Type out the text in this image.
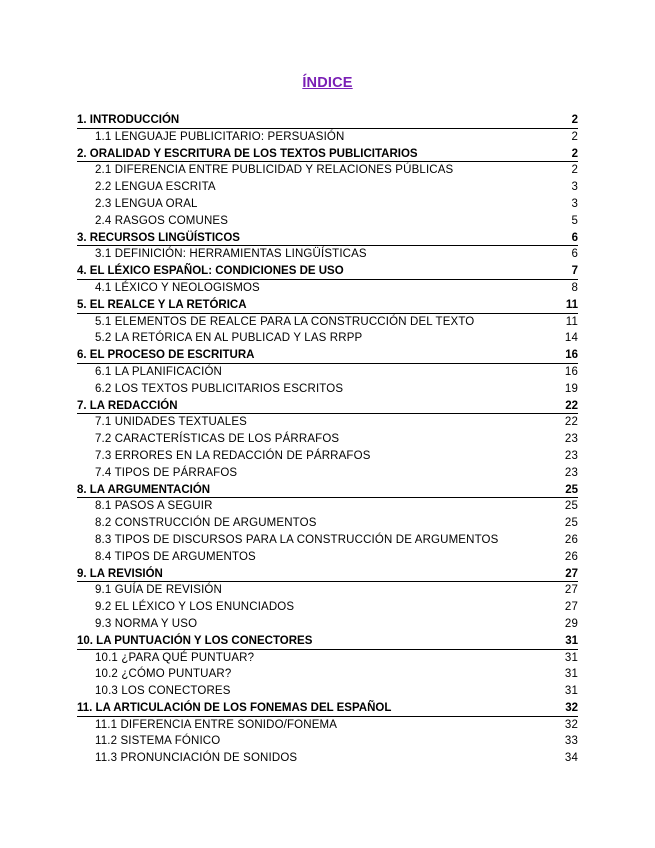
ÍNDICE
1. INTRODUCCIÓN	2
1.1 LENGUAJE PUBLICITARIO: PERSUASIÓN	2
2. ORALIDAD Y ESCRITURA DE LOS TEXTOS PUBLICITARIOS	2
2.1 DIFERENCIA ENTRE PUBLICIDAD Y RELACIONES PÚBLICAS	2
2.2 LENGUA ESCRITA	3
2.3 LENGUA ORAL	3
2.4 RASGOS COMUNES	5
3. RECURSOS LINGÜÍSTICOS	6
3.1 DEFINICIÓN: HERRAMIENTAS LINGÜÍSTICAS	6
4. EL LÉXICO ESPAÑOL: CONDICIONES DE USO	7
4.1 LÉXICO Y NEOLOGISMOS	8
5. EL REALCE Y LA RETÓRICA	11
5.1 ELEMENTOS DE REALCE PARA LA CONSTRUCCIÓN DEL TEXTO	11
5.2 LA RETÓRICA EN AL PUBLICAD Y LAS RRPP	14
6. EL PROCESO DE ESCRITURA	16
6.1 LA PLANIFICACIÓN	16
6.2 LOS TEXTOS PUBLICITARIOS ESCRITOS	19
7. LA REDACCIÓN	22
7.1 UNIDADES TEXTUALES	22
7.2 CARACTERÍSTICAS DE LOS PÁRRAFOS	23
7.3 ERRORES EN LA REDACCIÓN DE PÁRRAFOS	23
7.4 TIPOS DE PÁRRAFOS	23
8. LA ARGUMENTACIÓN	25
8.1 PASOS A SEGUIR	25
8.2 CONSTRUCCIÓN DE ARGUMENTOS	25
8.3 TIPOS DE DISCURSOS PARA LA CONSTRUCCIÓN DE ARGUMENTOS	26
8.4 TIPOS DE ARGUMENTOS	26
9. LA REVISIÓN	27
9.1 GUÍA DE REVISIÓN	27
9.2 EL LÉXICO Y LOS ENUNCIADOS	27
9.3 NORMA Y USO	29
10. LA PUNTUACIÓN Y LOS CONECTORES	31
10.1 ¿PARA QUÉ PUNTUAR?	31
10.2 ¿CÓMO PUNTUAR?	31
10.3 LOS CONECTORES	31
11. LA ARTICULACIÓN DE LOS FONEMAS DEL ESPAÑOL	32
11.1 DIFERENCIA ENTRE SONIDO/FONEMA	32
11.2 SISTEMA FÓNICO	33
11.3 PRONUNCIACIÓN DE SONIDOS	34
